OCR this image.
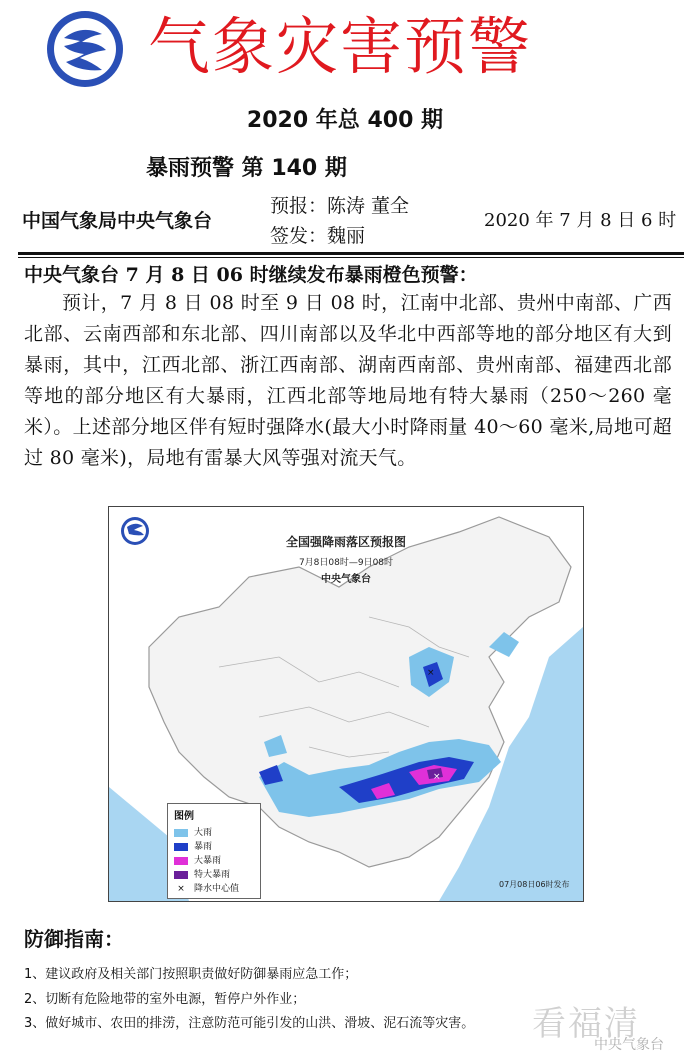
气象灾害预警
2020 年总 400 期
暴雨预警 第 140 期
中国气象局中央气象台
预报：陈涛 董全
签发：魏丽
2020 年 7 月 8 日 6 时
中央气象台 7 月 8 日 06 时继续发布暴雨橙色预警：
预计，7 月 8 日 08 时至 9 日 08 时，江南中北部、贵州中南部、广西北部、云南西部和东北部、四川南部以及华北中西部等地的部分地区有大到暴雨，其中，江西北部、浙江西南部、湖南西南部、贵州南部、福建西北部等地的部分地区有大暴雨，江西北部等地局地有特大暴雨（250～260 毫米）。上述部分地区伴有短时强降水(最大小时降雨量 40～60 毫米,局地可超过 80 毫米)，局地有雷暴大风等强对流天气。
×
×
全国强降雨落区预报图
7月8日08时—9日08时
中央气象台
图例
大雨
暴雨
大暴雨
特大暴雨
× 降水中心值	07月08日06时发布
防御指南：
1、建议政府及相关部门按照职责做好防御暴雨应急工作；
2、切断有危险地带的室外电源，暂停户外作业；
3、做好城市、农田的排涝，注意防范可能引发的山洪、滑坡、泥石流等灾害。	看福清
中央气象台
